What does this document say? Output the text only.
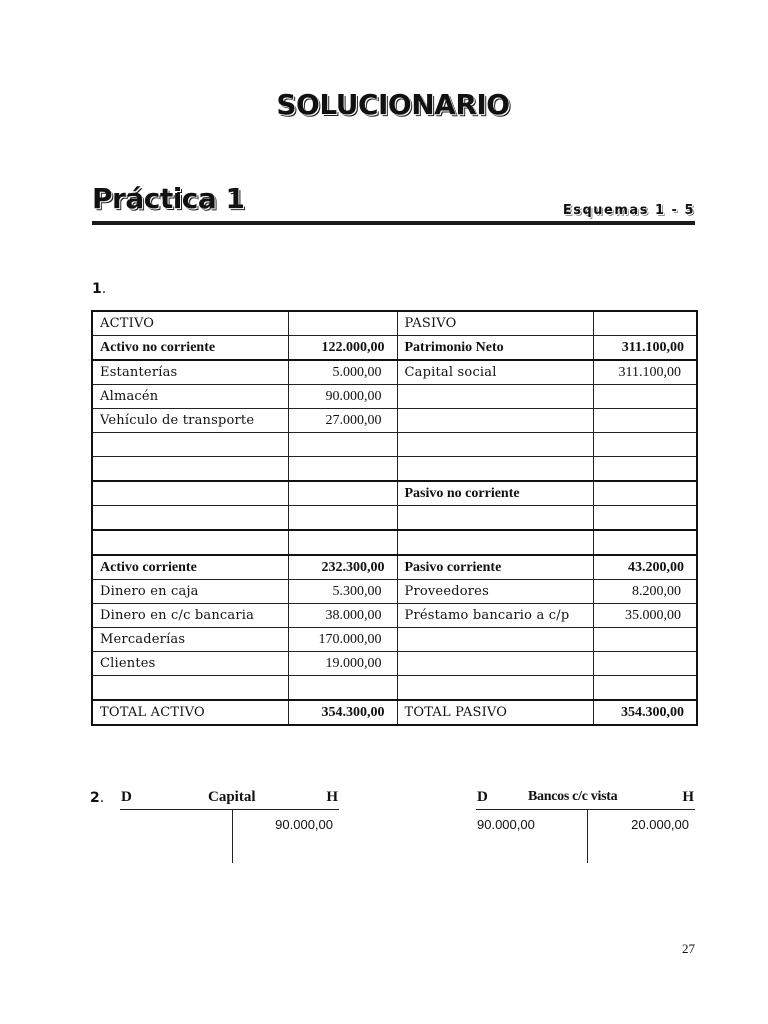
SOLUCIONARIO
Práctica 1	Esquemas 1 - 5
1.
ACTIVO		PASIVO	
Activo no corriente	122.000,00	Patrimonio Neto	311.100,00
Estanterías	5.000,00	Capital social	311.100,00
Almacén	90.000,00		
Vehículo de transporte	27.000,00		

		Pasivo no corriente	

Activo corriente	232.300,00	Pasivo corriente	43.200,00
Dinero en caja	5.300,00	Proveedores	8.200,00
Dinero en c/c bancaria	38.000,00	Préstamo bancario a c/p	35.000,00
Mercaderías	170.000,00		
Clientes	19.000,00		

TOTAL ACTIVO	354.300,00	TOTAL PASIVO	354.300,00
2. D	Capital	H
90.000,00
D	Bancos c/c vista	H
90.000,00	20.000,00
27
